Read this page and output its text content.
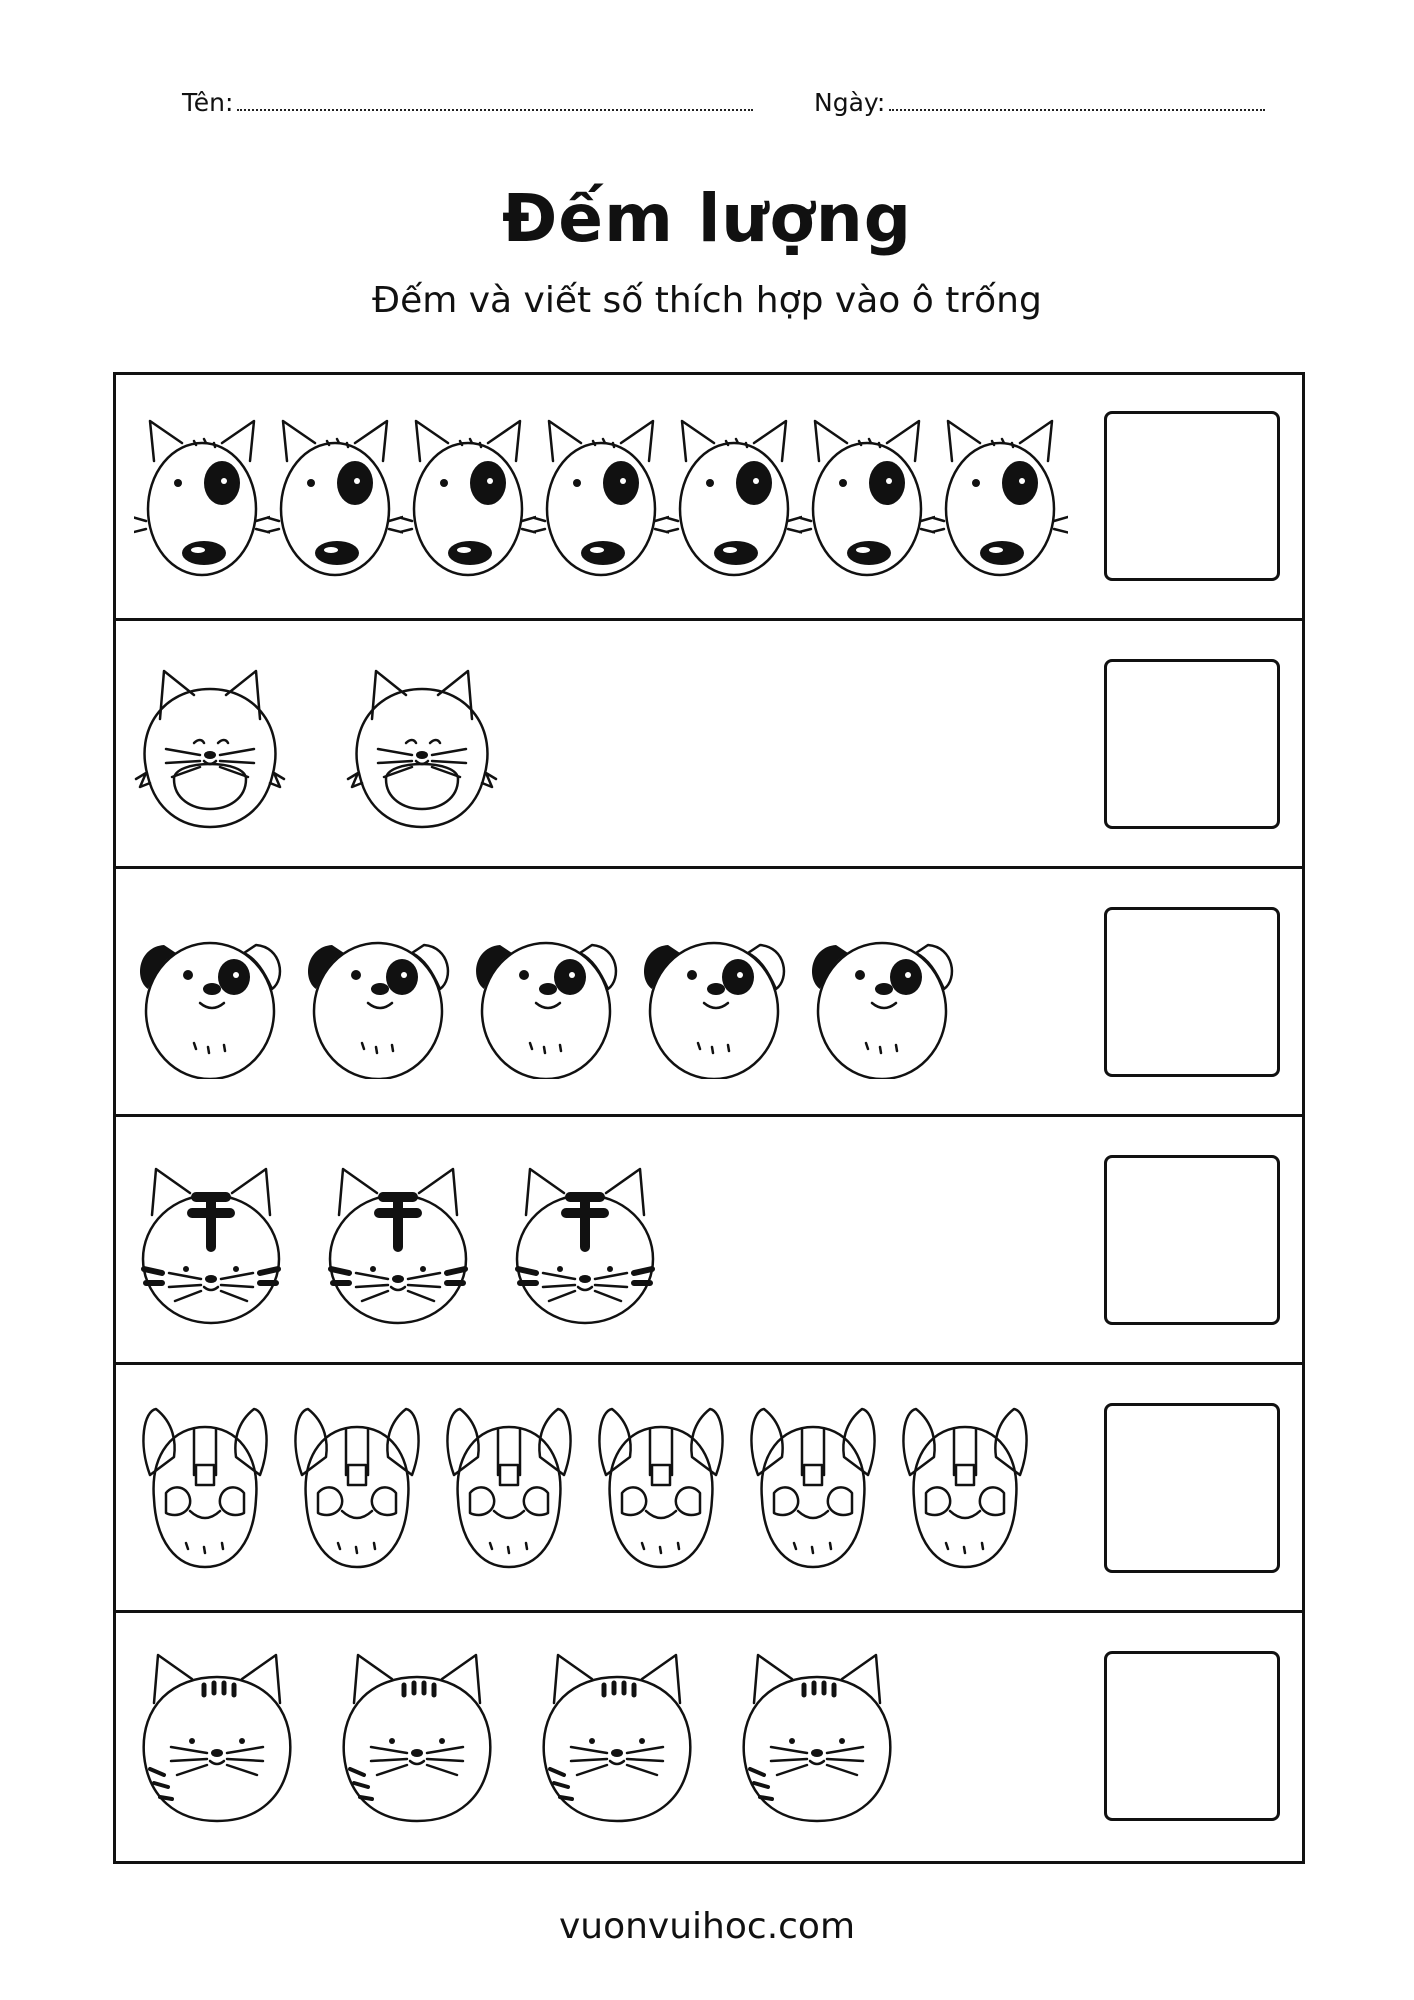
Tên:	Ngày:
Đếm lượng
Đếm và viết số thích hợp vào ô trống
vuonvuihoc.com
